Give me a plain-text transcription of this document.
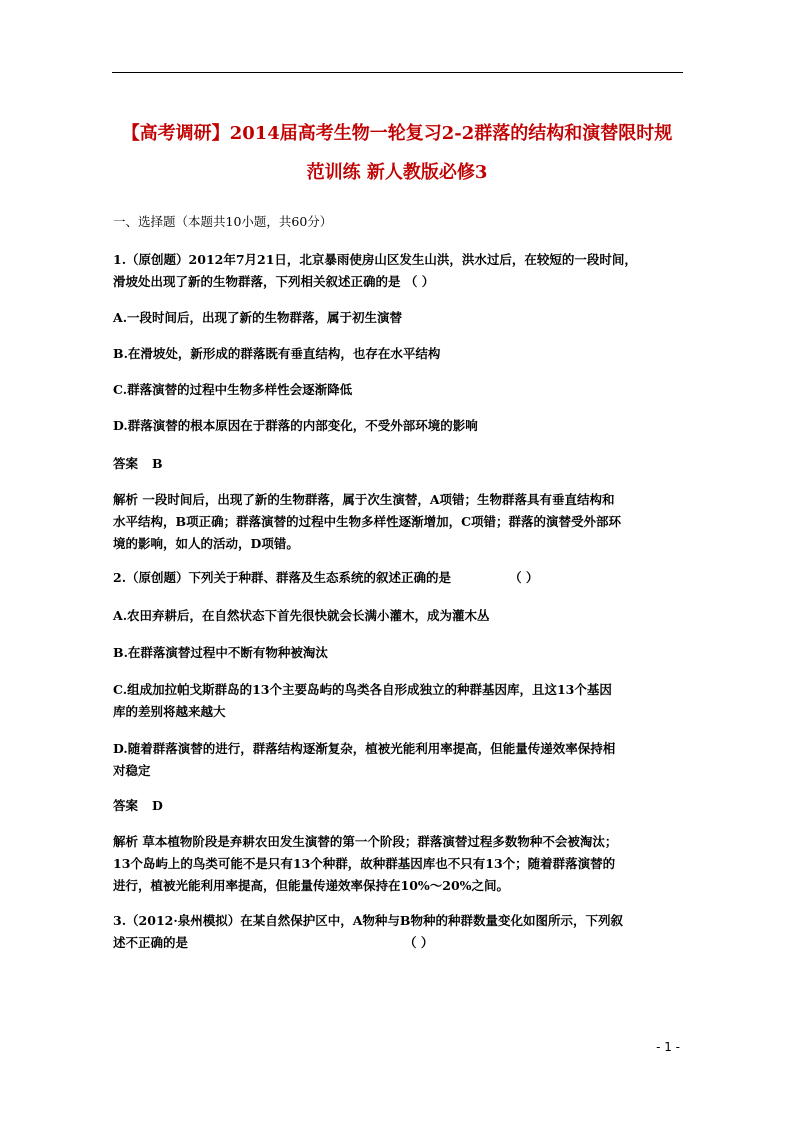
【高考调研】2014届高考生物一轮复习2-2群落的结构和演替限时规
范训练 新人教版必修3
一、选择题（本题共10小题，共60分）
1.（原创题）2012年7月21日，北京暴雨使房山区发生山洪，洪水过后，在较短的一段时间，
滑坡处出现了新的生物群落，下列相关叙述正确的是 （ ）
A.一段时间后，出现了新的生物群落，属于初生演替
B.在滑坡处，新形成的群落既有垂直结构，也存在水平结构
C.群落演替的过程中生物多样性会逐渐降低
D.群落演替的根本原因在于群落的内部变化，不受外部环境的影响
答案 B
解析 一段时间后，出现了新的生物群落，属于次生演替，A项错；生物群落具有垂直结构和
水平结构，B项正确；群落演替的过程中生物多样性逐渐增加，C项错；群落的演替受外部环
境的影响，如人的活动，D项错。
2.（原创题）下列关于种群、群落及生态系统的叙述正确的是	（ ）
A.农田弃耕后，在自然状态下首先很快就会长满小灌木，成为灌木丛
B.在群落演替过程中不断有物种被淘汰
C.组成加拉帕戈斯群岛的13个主要岛屿的鸟类各自形成独立的种群基因库，且这13个基因
库的差别将越来越大
D.随着群落演替的进行，群落结构逐渐复杂，植被光能利用率提高，但能量传递效率保持相
对稳定
答案 D
解析 草本植物阶段是弃耕农田发生演替的第一个阶段；群落演替过程多数物种不会被淘汰；
13个岛屿上的鸟类可能不是只有13个种群，故种群基因库也不只有13个；随着群落演替的
进行，植被光能利用率提高，但能量传递效率保持在10%～20%之间。
3.（2012·泉州模拟）在某自然保护区中，A物种与B物种的种群数量变化如图所示，下列叙
述不正确的是	（ ）
- 1 -
